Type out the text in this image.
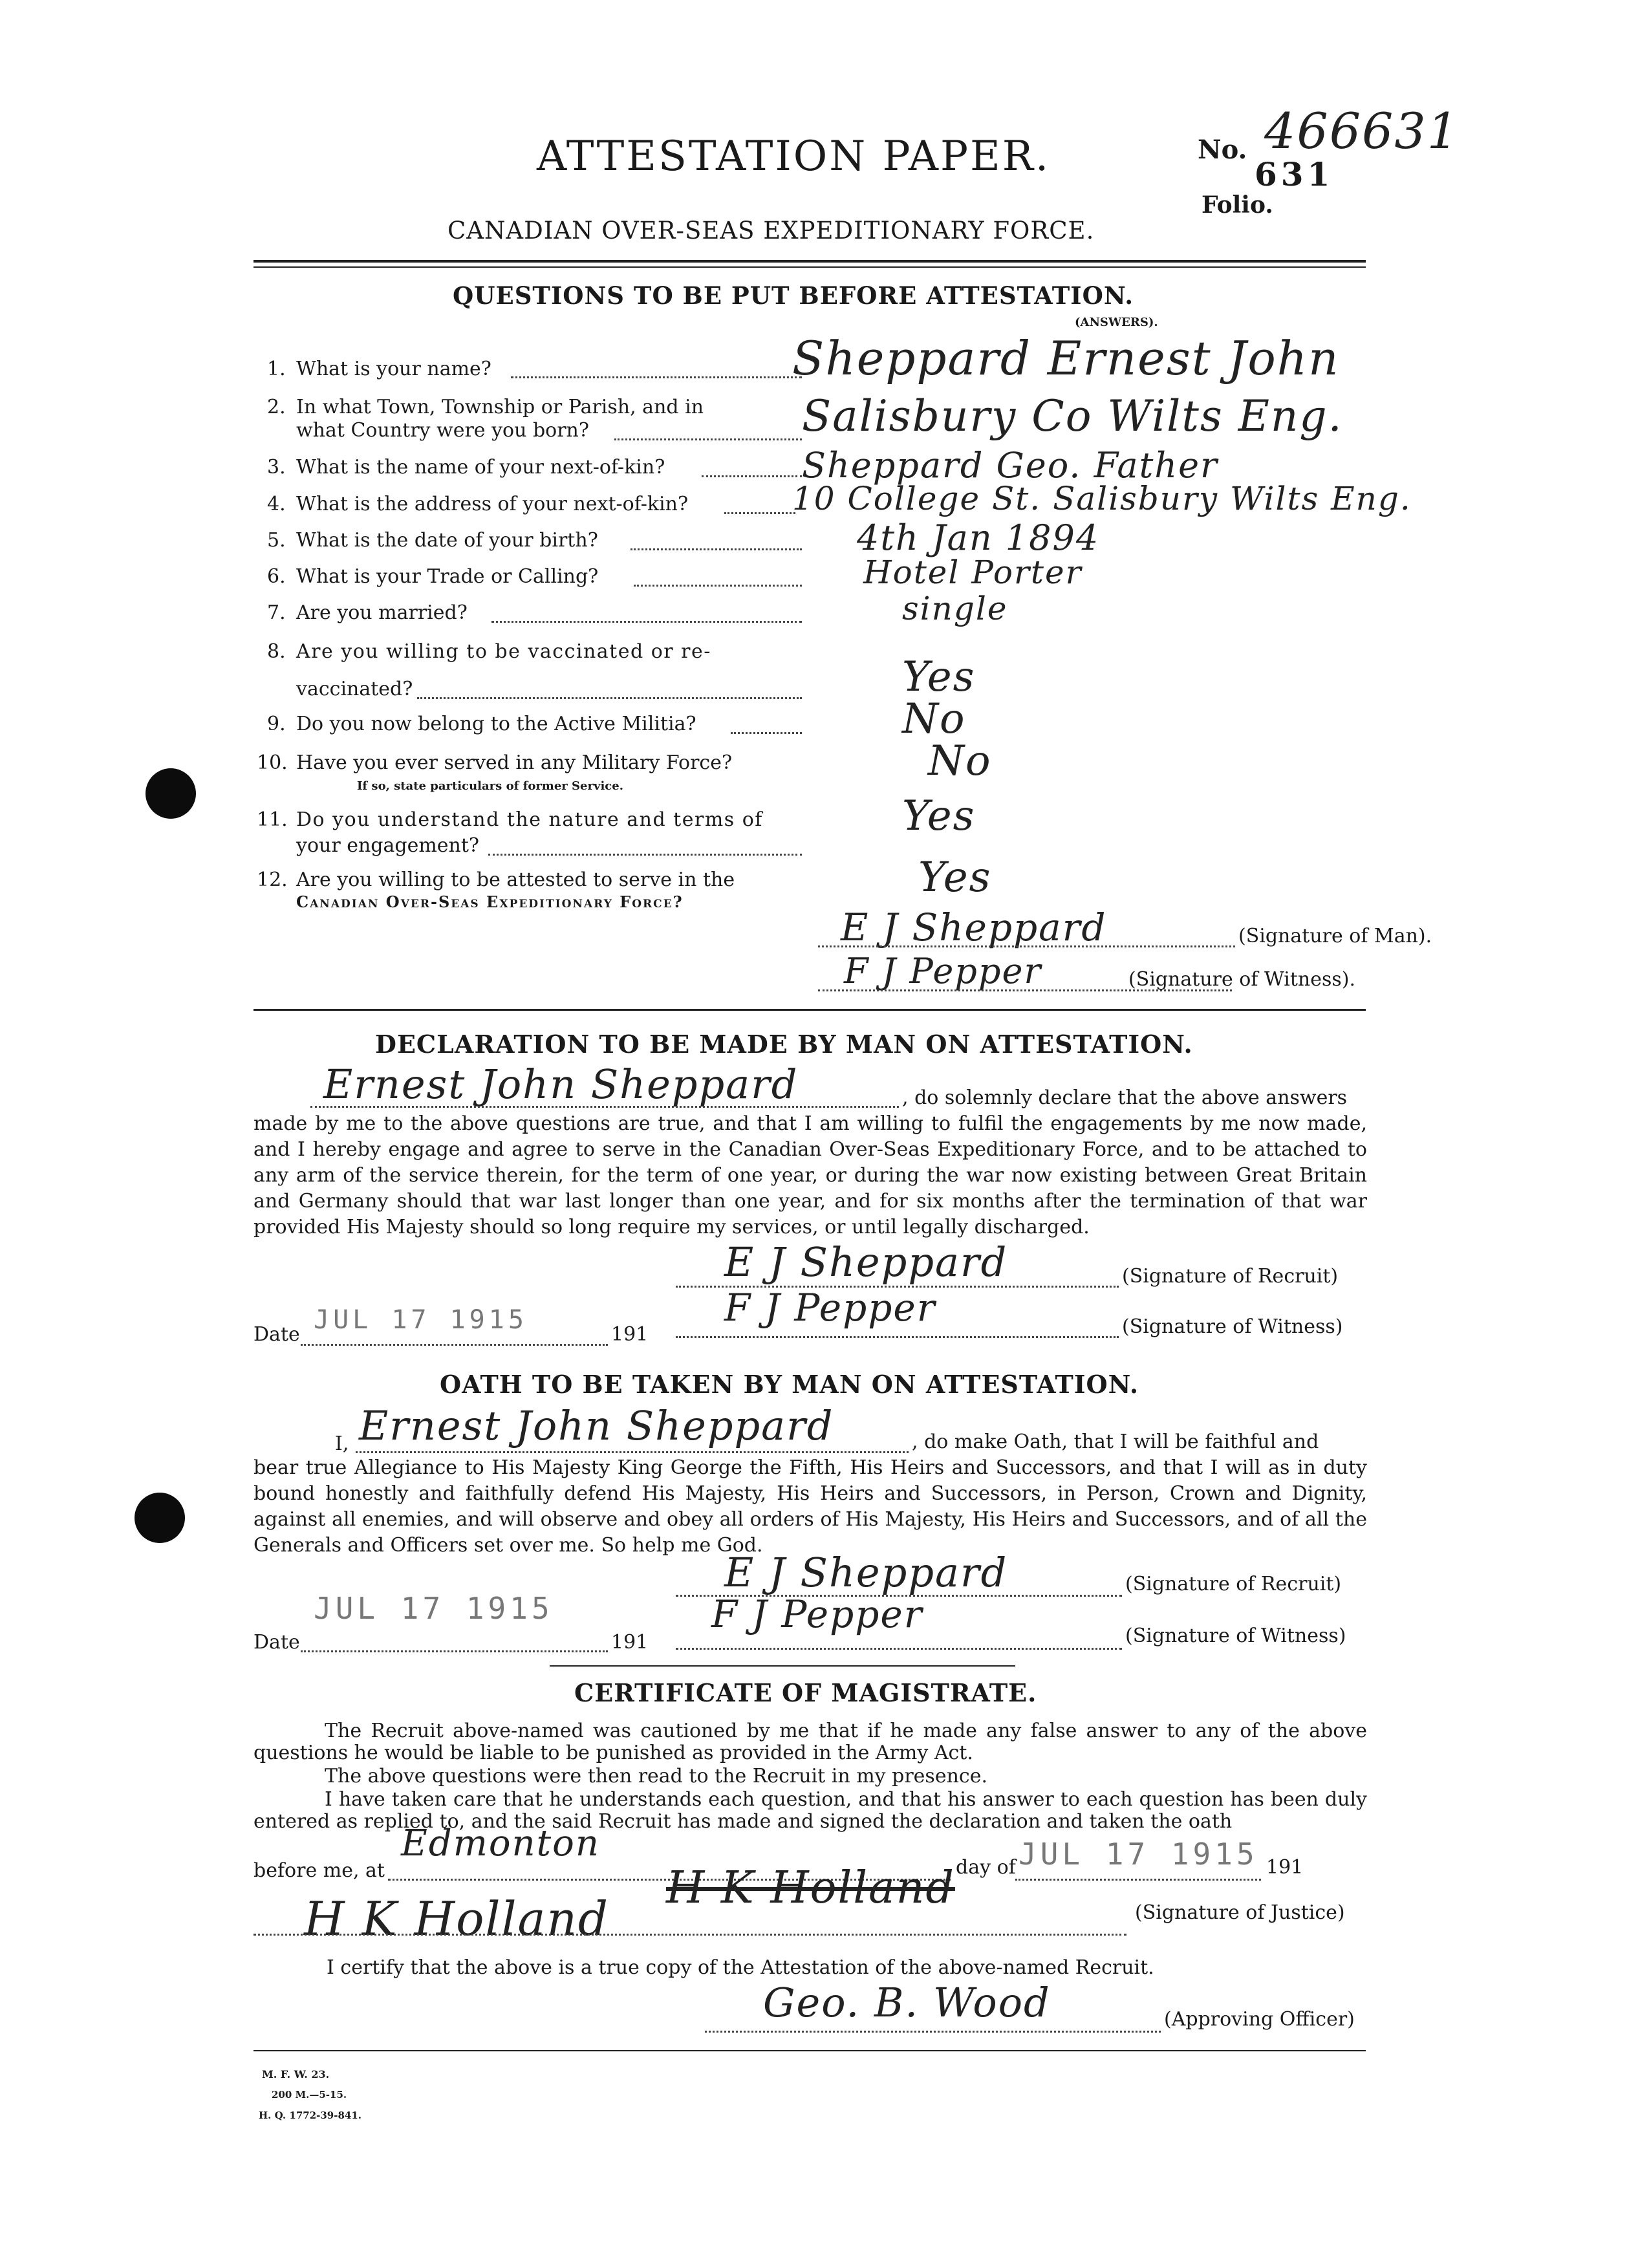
ATTESTATION PAPER.	No. 466631
631
Folio.
CANADIAN OVER-SEAS EXPEDITIONARY FORCE.
QUESTIONS TO BE PUT BEFORE ATTESTATION.
(ANSWERS).
1. What is your name?	Sheppard Ernest John
2. In what Town, Township or Parish, and in
what Country were you born?	Salisbury Co Wilts Eng.
3. What is the name of your next-of-kin?	Sheppard Geo. Father
4. What is the address of your next-of-kin?	10 College St. Salisbury Wilts Eng.
5. What is the date of your birth?	4th Jan 1894
6. What is your Trade or Calling?	Hotel Porter
7. Are you married?	single
8. Are you willing to be vaccinated or re-
vaccinated?	Yes
9. Do you now belong to the Active Militia?	No
10. Have you ever served in any Military Force?
If so, state particulars of former Service.
No
11. Do you understand the nature and terms of
your engagement?
Yes
12. Are you willing to be attested to serve in the
Canadian Over-Seas Expeditionary Force?
Yes
E J Sheppard	(Signature of Man).
F J Pepper	(Signature of Witness).
DECLARATION TO BE MADE BY MAN ON ATTESTATION.
Ernest John Sheppard	, do solemnly declare that the above answers
made by me to the above questions are true, and that I am willing to fulfil the engagements by me now made, and I hereby engage and agree to serve in the Canadian Over-Seas Expeditionary Force, and to be attached to any arm of the service therein, for the term of one year, or during the war now existing between Great Britain and Germany should that war last longer than one year, and for six months after the termination of that war provided His Majesty should so long require my services, or until legally discharged.
E J Sheppard	(Signature of Recruit)
Date JUL 17 1915	191
F J Pepper	(Signature of Witness)
OATH TO BE TAKEN BY MAN ON ATTESTATION.
I, Ernest John Sheppard	, do make Oath, that I will be faithful and
bear true Allegiance to His Majesty King George the Fifth, His Heirs and Successors, and that I will as in duty bound honestly and faithfully defend His Majesty, His Heirs and Successors, in Person, Crown and Dignity, against all enemies, and will observe and obey all orders of His Majesty, His Heirs and Successors, and of all the Generals and Officers set over me. So help me God.
E J Sheppard	(Signature of Recruit)
JUL 17 1915
Date	191
F J Pepper	(Signature of Witness)
CERTIFICATE OF MAGISTRATE.
The Recruit above-named was cautioned by me that if he made any false answer to any of the above questions he would be liable to be punished as provided in the Army Act.
The above questions were then read to the Recruit in my presence.
I have taken care that he understands each question, and that his answer to each question has been duly entered as replied to, and the said Recruit has made and signed the declaration and taken the oath
before me, at
Edmonton
day of JUL 17 1915 191
H K Holland
H K Holland	(Signature of Justice)
I certify that the above is a true copy of the Attestation of the above-named Recruit.
Geo. B. Wood	(Approving Officer)
M. F. W. 23.
200 M.—5-15.
H. Q. 1772-39-841.
